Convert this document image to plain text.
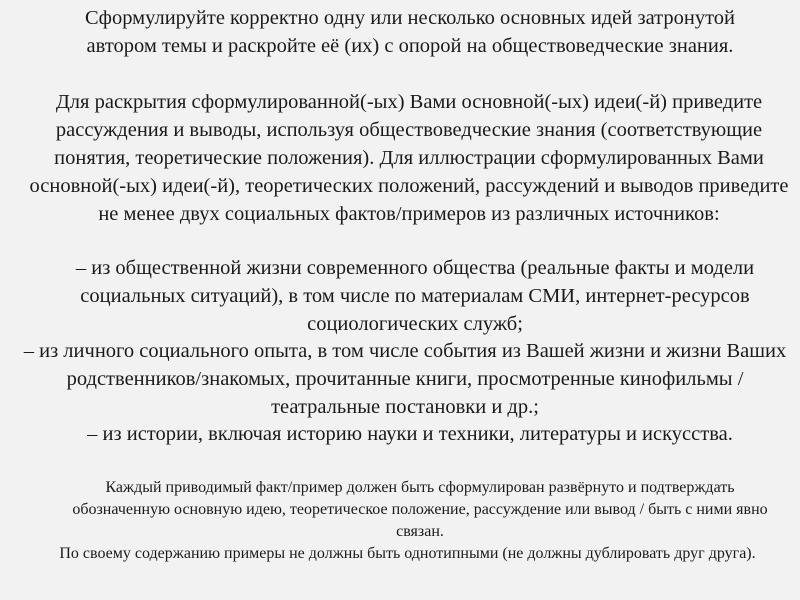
Сформулируйте корректно одну или несколько основных идей затронутой автором темы и раскройте её (их) с опорой на обществоведческие знания.

Для раскрытия сформулированной(-ых) Вами основной(-ых) идеи(-й) приведите рассуждения и выводы, используя обществоведческие знания (соответствующие понятия, теоретические положения). Для иллюстрации сформулированных Вами основной(-ых) идеи(-й), теоретических положений, рассуждений и выводов приведите не менее двух социальных фактов/примеров из различных источников:

– из общественной жизни современного общества (реальные факты и модели социальных ситуаций), в том числе по материалам СМИ, интернет-ресурсов социологических служб;

– из личного социального опыта, в том числе события из Вашей жизни и жизни Ваших родственников/знакомых, прочитанные книги, просмотренные кинофильмы / театральные постановки и др.;

– из истории, включая историю науки и техники, литературы и искусства.

Каждый приводимый факт/пример должен быть сформулирован развёрнуто и подтверждать обозначенную основную идею, теоретическое положение, рассуждение или вывод / быть с ними явно связан.

По своему содержанию примеры не должны быть однотипными (не должны дублировать друг друга).
